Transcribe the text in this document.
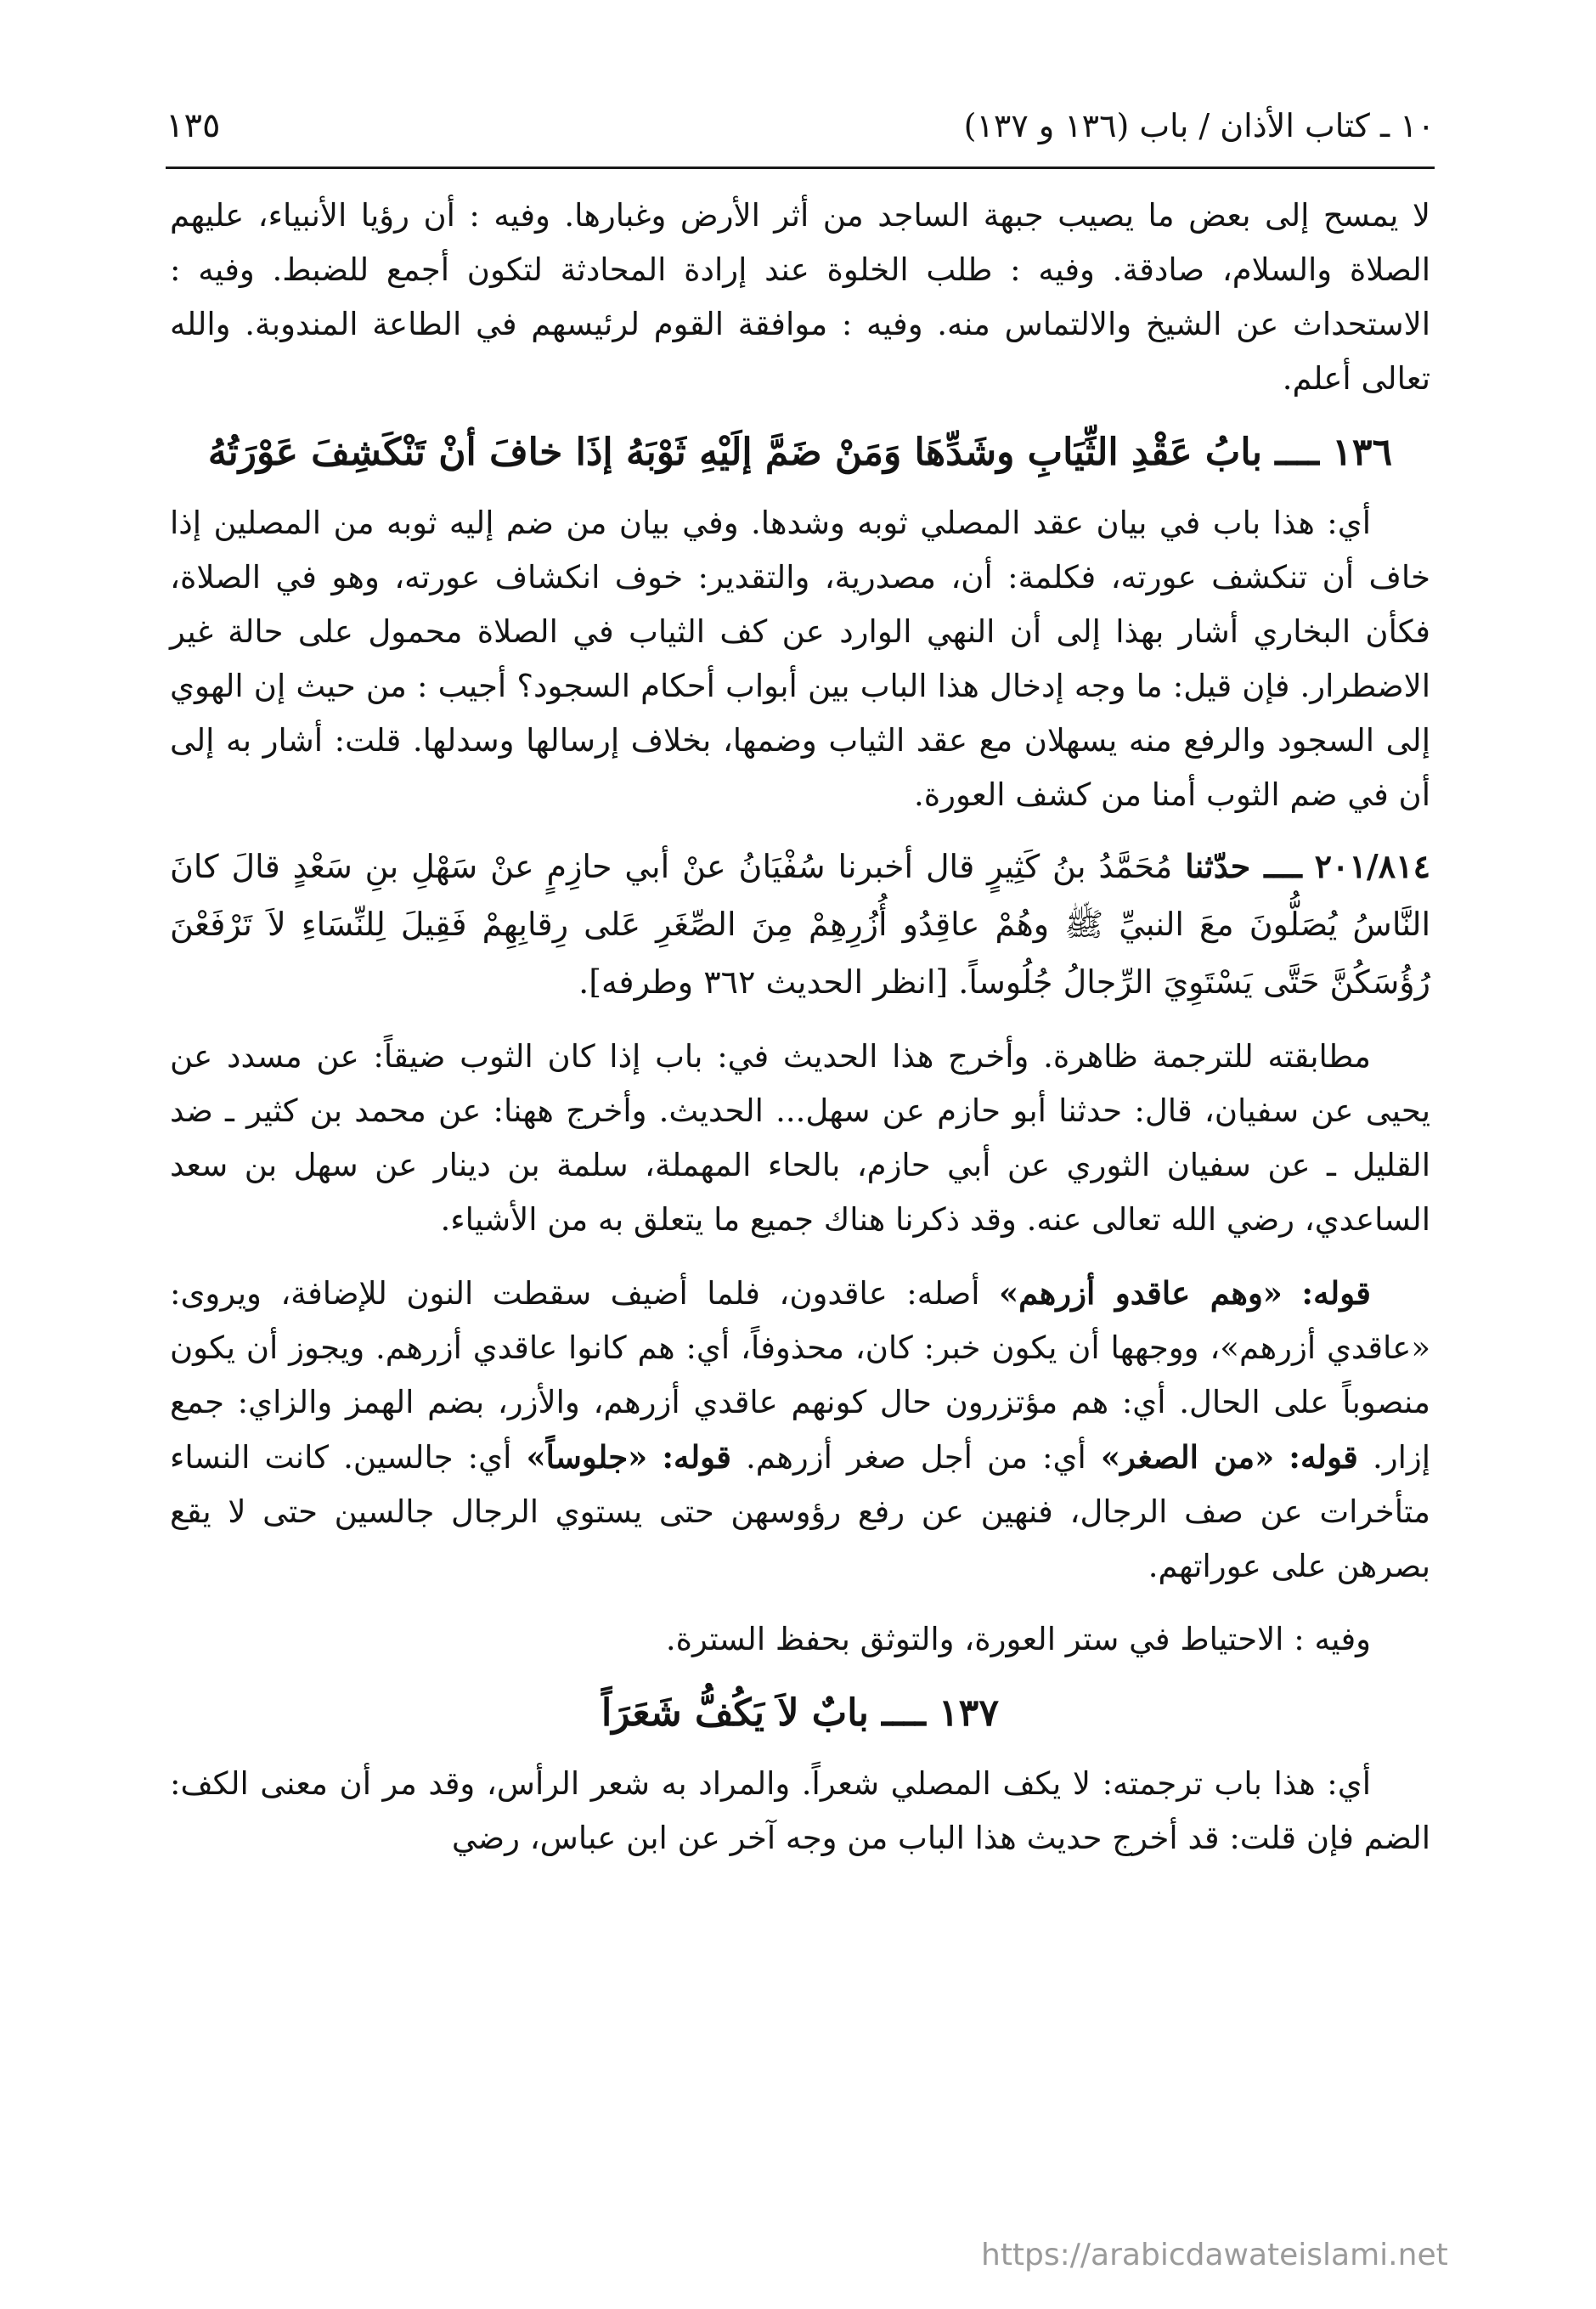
١٠ ـ كتاب الأذان / باب (١٣٦ و ١٣٧)
١٣٥

لا يمسح إلى بعض ما يصيب جبهة الساجد من أثر الأرض وغبارها. وفيه : أن رؤيا الأنبياء، عليهم الصلاة والسلام، صادقة. وفيه : طلب الخلوة عند إرادة المحادثة لتكون أجمع للضبط. وفيه : الاستحداث عن الشيخ والالتماس منه. وفيه : موافقة القوم لرئيسهم في الطاعة المندوبة. والله تعالى أعلم.

١٣٦ ــــ بابُ عَقْدِ الثِّيَابِ وشَدِّهَا وَمَنْ ضَمَّ إلَيْهِ ثَوْبَهُ إذَا خافَ أنْ تَنْكَشِفَ عَوْرَتُهُ

أي: هذا باب في بيان عقد المصلي ثوبه وشدها. وفي بيان من ضم إليه ثوبه من المصلين إذا خاف أن تنكشف عورته، فكلمة: أن، مصدرية، والتقدير: خوف انكشاف عورته، وهو في الصلاة، فكأن البخاري أشار بهذا إلى أن النهي الوارد عن كف الثياب في الصلاة محمول على حالة غير الاضطرار. فإن قيل: ما وجه إدخال هذا الباب بين أبواب أحكام السجود؟ أجيب : من حيث إن الهوي إلى السجود والرفع منه يسهلان مع عقد الثياب وضمها، بخلاف إرسالها وسدلها. قلت: أشار به إلى أن في ضم الثوب أمنا من كشف العورة.

٢٠١/٨١٤ ــــ حدّثنا مُحَمَّدُ بنُ كَثِيرٍ قال أخبرنا سُفْيَانُ عنْ أبي حازِمٍ عنْ سَهْلِ بنِ سَعْدٍ قالَ كانَ النَّاسُ يُصَلُّونَ معَ النبيِّ ﷺ وهُمْ عاقِدُو أُزُرِهِمْ مِنَ الصِّغَرِ عَلى رِقابِهِمْ فَقِيلَ لِلنِّسَاءِ لاَ تَرْفَعْنَ رُؤُسَكُنَّ حَتَّى يَسْتَوِيَ الرِّجالُ جُلُوساً. [انظر الحديث ٣٦٢ وطرفه].

مطابقته للترجمة ظاهرة. وأخرج هذا الحديث في: باب إذا كان الثوب ضيقاً: عن مسدد عن يحيى عن سفيان، قال: حدثنا أبو حازم عن سهل... الحديث. وأخرج ههنا: عن محمد بن كثير ـ ضد القليل ـ عن سفيان الثوري عن أبي حازم، بالحاء المهملة، سلمة بن دينار عن سهل بن سعد الساعدي، رضي الله تعالى عنه. وقد ذكرنا هناك جميع ما يتعلق به من الأشياء.

قوله: «وهم عاقدو أزرهم» أصله: عاقدون، فلما أضيف سقطت النون للإضافة، ويروى: «عاقدي أزرهم»، ووجهها أن يكون خبر: كان، محذوفاً، أي: هم كانوا عاقدي أزرهم. ويجوز أن يكون منصوباً على الحال. أي: هم مؤتزرون حال كونهم عاقدي أزرهم، والأزر، بضم الهمز والزاي: جمع إزار. قوله: «من الصغر» أي: من أجل صغر أزرهم. قوله: «جلوساً» أي: جالسين. كانت النساء متأخرات عن صف الرجال، فنهين عن رفع رؤوسهن حتى يستوي الرجال جالسين حتى لا يقع بصرهن على عوراتهم.

وفيه : الاحتياط في ستر العورة، والتوثق بحفظ السترة.

١٣٧ ــــ بابٌ لاَ يَكُفُّ شَعَرَاً

أي: هذا باب ترجمته: لا يكف المصلي شعراً. والمراد به شعر الرأس، وقد مر أن معنى الكف: الضم فإن قلت: قد أخرج حديث هذا الباب من وجه آخر عن ابن عباس، رضي

https://arabicdawateislami.net
